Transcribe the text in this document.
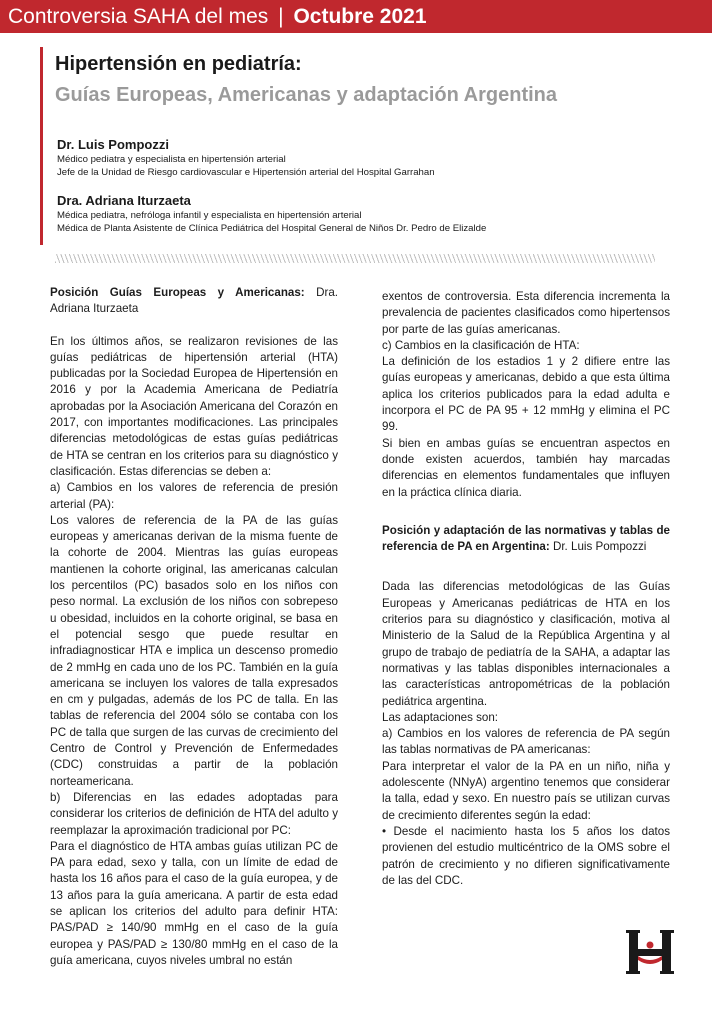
Controversia SAHA del mes | Octubre 2021
Hipertensión en pediatría:
Guías Europeas, Americanas y adaptación Argentina
Dr. Luis Pompozzi
Médico pediatra y especialista en hipertensión arterial
Jefe de la Unidad de Riesgo cardiovascular e Hipertensión arterial del Hospital Garrahan
Dra. Adriana Iturzaeta
Médica pediatra, nefróloga infantil y especialista en hipertensión arterial
Médica de Planta Asistente de Clínica Pediátrica del Hospital General de Niños Dr. Pedro de Elizalde

Posición Guías Europeas y Americanas: Dra. Adriana Iturzaeta

En los últimos años, se realizaron revisiones de las guías pediátricas de hipertensión arterial (HTA) publicadas por la Sociedad Europea de Hipertensión en 2016 y por la Academia Americana de Pediatría aprobadas por la Asociación Americana del Corazón en 2017, con importantes modificaciones. Las principales diferencias metodológicas de estas guías pediátricas de HTA se centran en los criterios para su diagnóstico y clasificación. Estas diferencias se deben a:

a) Cambios en los valores de referencia de presión arterial (PA):

Los valores de referencia de la PA de las guías europeas y americanas derivan de la misma fuente de la cohorte de 2004. Mientras las guías europeas mantienen la cohorte original, las americanas calculan los percentilos (PC) basados solo en los niños con peso normal. La exclusión de los niños con sobrepeso u obesidad, incluidos en la cohorte original, se basa en el potencial sesgo que puede resultar en infradiagnosticar HTA e implica un descenso promedio de 2 mmHg en cada uno de los PC. También en la guía americana se incluyen los valores de talla expresados en cm y pulgadas, además de los PC de talla. En las tablas de referencia del 2004 sólo se contaba con los PC de talla que surgen de las curvas de crecimiento del Centro de Control y Prevención de Enfermedades (CDC) construidas a partir de la población norteamericana.

b) Diferencias en las edades adoptadas para considerar los criterios de definición de HTA del adulto y reemplazar la aproximación tradicional por PC:

Para el diagnóstico de HTA ambas guías utilizan PC de PA para edad, sexo y talla, con un límite de edad de hasta los 16 años para el caso de la guía europea, y de 13 años para la guía americana. A partir de esta edad se aplican los criterios del adulto para definir HTA: PAS/PAD ≥ 140/90 mmHg en el caso de la guía europea y PAS/PAD ≥ 130/80 mmHg en el caso de la guía americana, cuyos niveles umbral no están

exentos de controversia. Esta diferencia incrementa la prevalencia de pacientes clasificados como hipertensos por parte de las guías americanas.

c) Cambios en la clasificación de HTA:

La definición de los estadios 1 y 2 difiere entre las guías europeas y americanas, debido a que esta última aplica los criterios publicados para la edad adulta e incorpora el PC de PA 95 + 12 mmHg y elimina el PC 99.

Si bien en ambas guías se encuentran aspectos en donde existen acuerdos, también hay marcadas diferencias en elementos fundamentales que influyen en la práctica clínica diaria.

Posición y adaptación de las normativas y tablas de referencia de PA en Argentina: Dr. Luis Pompozzi

Dada las diferencias metodológicas de las Guías Europeas y Americanas pediátricas de HTA en los criterios para su diagnóstico y clasificación, motiva al Ministerio de la Salud de la República Argentina y al grupo de trabajo de pediatría de la SAHA, a adaptar las normativas y las tablas disponibles internacionales a las características antropométricas de la población pediátrica argentina.

Las adaptaciones son:

a) Cambios en los valores de referencia de PA según las tablas normativas de PA americanas:

Para interpretar el valor de la PA en un niño, niña y adolescente (NNyA) argentino tenemos que considerar la talla, edad y sexo. En nuestro país se utilizan curvas de crecimiento diferentes según la edad:

• Desde el nacimiento hasta los 5 años los datos provienen del estudio multicéntrico de la OMS sobre el patrón de crecimiento y no difieren significativamente de las del CDC.
